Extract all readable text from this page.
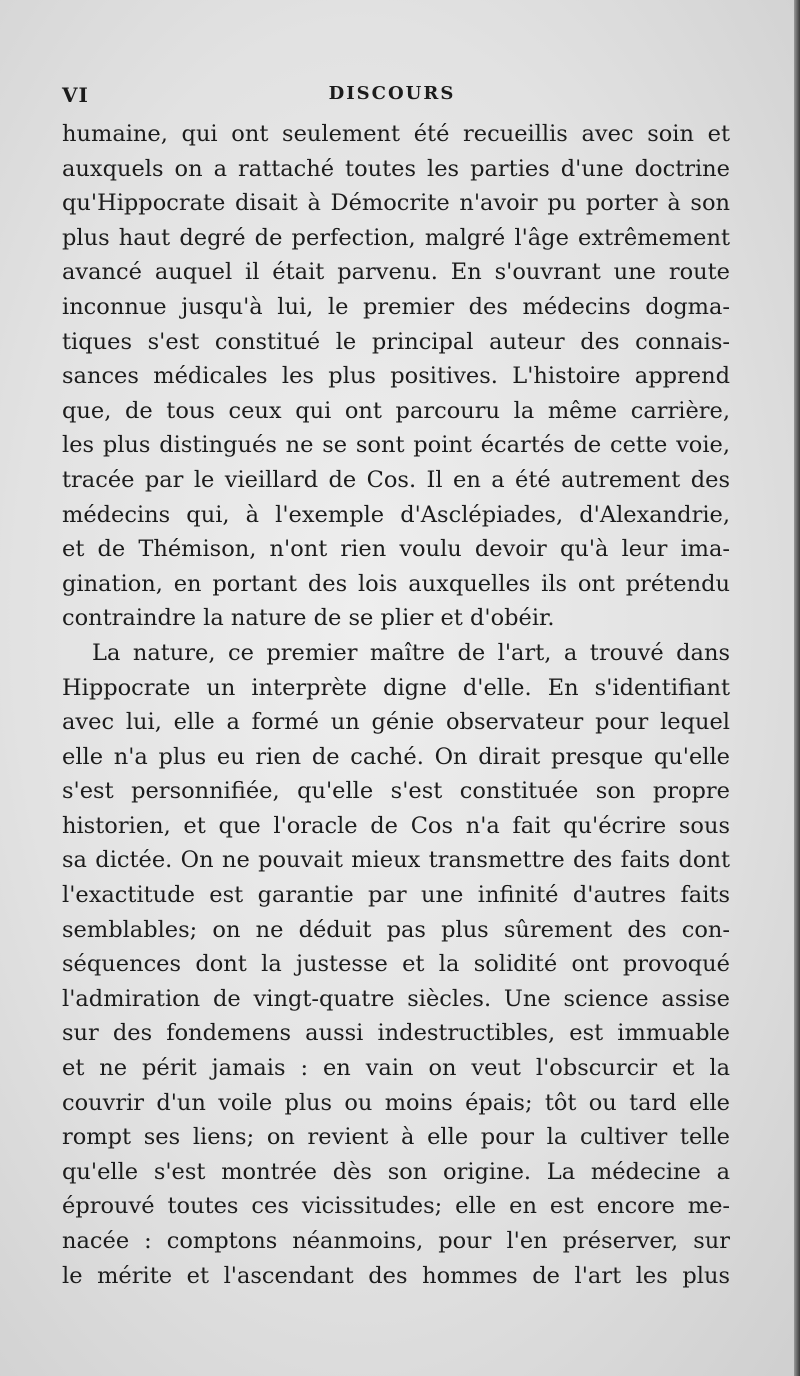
VI	DISCOURS
humaine, qui ont seulement été recueillis avec soin et
auxquels on a rattaché toutes les parties d'une doctrine
qu'Hippocrate disait à Démocrite n'avoir pu porter à son
plus haut degré de perfection, malgré l'âge extrêmement
avancé auquel il était parvenu. En s'ouvrant une route
inconnue jusqu'à lui, le premier des médecins dogma-
tiques s'est constitué le principal auteur des connais-
sances médicales les plus positives. L'histoire apprend
que, de tous ceux qui ont parcouru la même carrière,
les plus distingués ne se sont point écartés de cette voie,
tracée par le vieillard de Cos. Il en a été autrement des
médecins qui, à l'exemple d'Asclépiades, d'Alexandrie,
et de Thémison, n'ont rien voulu devoir qu'à leur ima-
gination, en portant des lois auxquelles ils ont prétendu
contraindre la nature de se plier et d'obéir.
La nature, ce premier maître de l'art, a trouvé dans
Hippocrate un interprète digne d'elle. En s'identifiant
avec lui, elle a formé un génie observateur pour lequel
elle n'a plus eu rien de caché. On dirait presque qu'elle
s'est personnifiée, qu'elle s'est constituée son propre
historien, et que l'oracle de Cos n'a fait qu'écrire sous
sa dictée. On ne pouvait mieux transmettre des faits dont
l'exactitude est garantie par une infinité d'autres faits
semblables; on ne déduit pas plus sûrement des con-
séquences dont la justesse et la solidité ont provoqué
l'admiration de vingt-quatre siècles. Une science assise
sur des fondemens aussi indestructibles, est immuable
et ne périt jamais : en vain on veut l'obscurcir et la
couvrir d'un voile plus ou moins épais; tôt ou tard elle
rompt ses liens; on revient à elle pour la cultiver telle
qu'elle s'est montrée dès son origine. La médecine a
éprouvé toutes ces vicissitudes; elle en est encore me-
nacée : comptons néanmoins, pour l'en préserver, sur
le mérite et l'ascendant des hommes de l'art les plus
